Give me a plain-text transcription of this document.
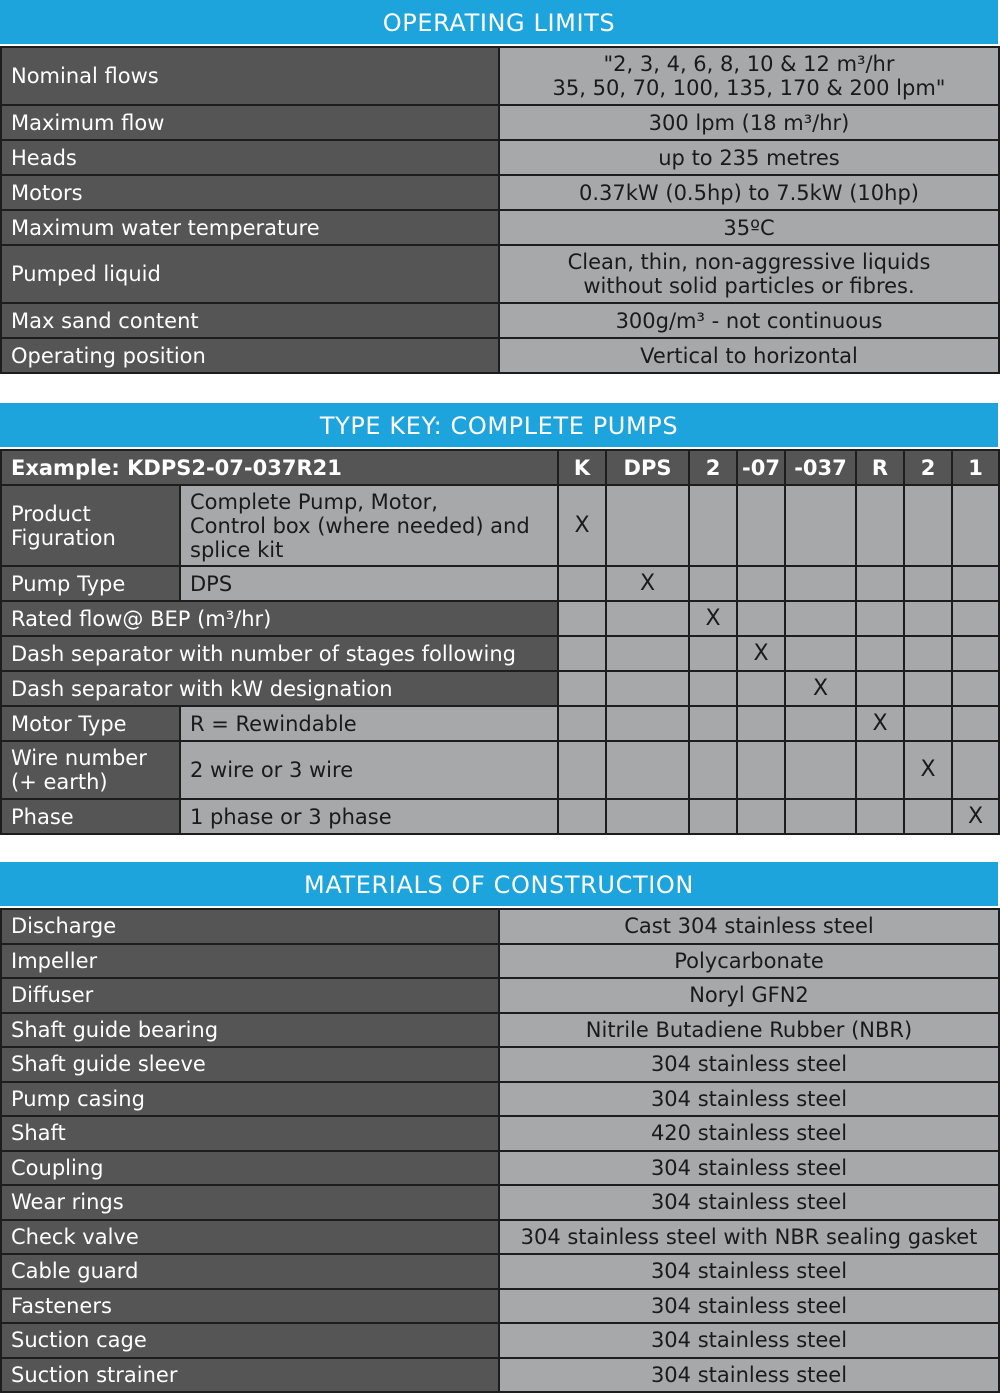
OPERATING LIMITS
Nominal flows	"2, 3, 4, 6, 8, 10 & 12 m³/hr
35, 50, 70, 100, 135, 170 & 200 lpm"
Maximum flow	300 lpm (18 m³/hr)
Heads	up to 235 metres
Motors	0.37kW (0.5hp) to 7.5kW (10hp)
Maximum water temperature	35ºC
Pumped liquid	Clean, thin, non-aggressive liquids
without solid particles or fibres.
Max sand content	300g/m³ - not continuous
Operating position	Vertical to horizontal
TYPE KEY: COMPLETE PUMPS
Example: KDPS2-07-037R21		K	DPS	2	-07	-037	R	2	1
Product
Figuration	Complete Pump, Motor,
Control box (where needed) and
splice kit	X							
Pump Type	DPS		X						
Rated flow@ BEP (m³/hr)				X					
Dash separator with number of stages following					X				
Dash separator with kW designation						X			
Motor Type	R = Rewindable						X		
Wire number
(+ earth)	2 wire or 3 wire							X	
Phase	1 phase or 3 phase								X
MATERIALS OF CONSTRUCTION
Discharge	Cast 304 stainless steel
Impeller	Polycarbonate
Diffuser	Noryl GFN2
Shaft guide bearing	Nitrile Butadiene Rubber (NBR)
Shaft guide sleeve	304 stainless steel
Pump casing	304 stainless steel
Shaft	420 stainless steel
Coupling	304 stainless steel
Wear rings	304 stainless steel
Check valve	304 stainless steel with NBR sealing gasket
Cable guard	304 stainless steel
Fasteners	304 stainless steel
Suction cage	304 stainless steel
Suction strainer	304 stainless steel
